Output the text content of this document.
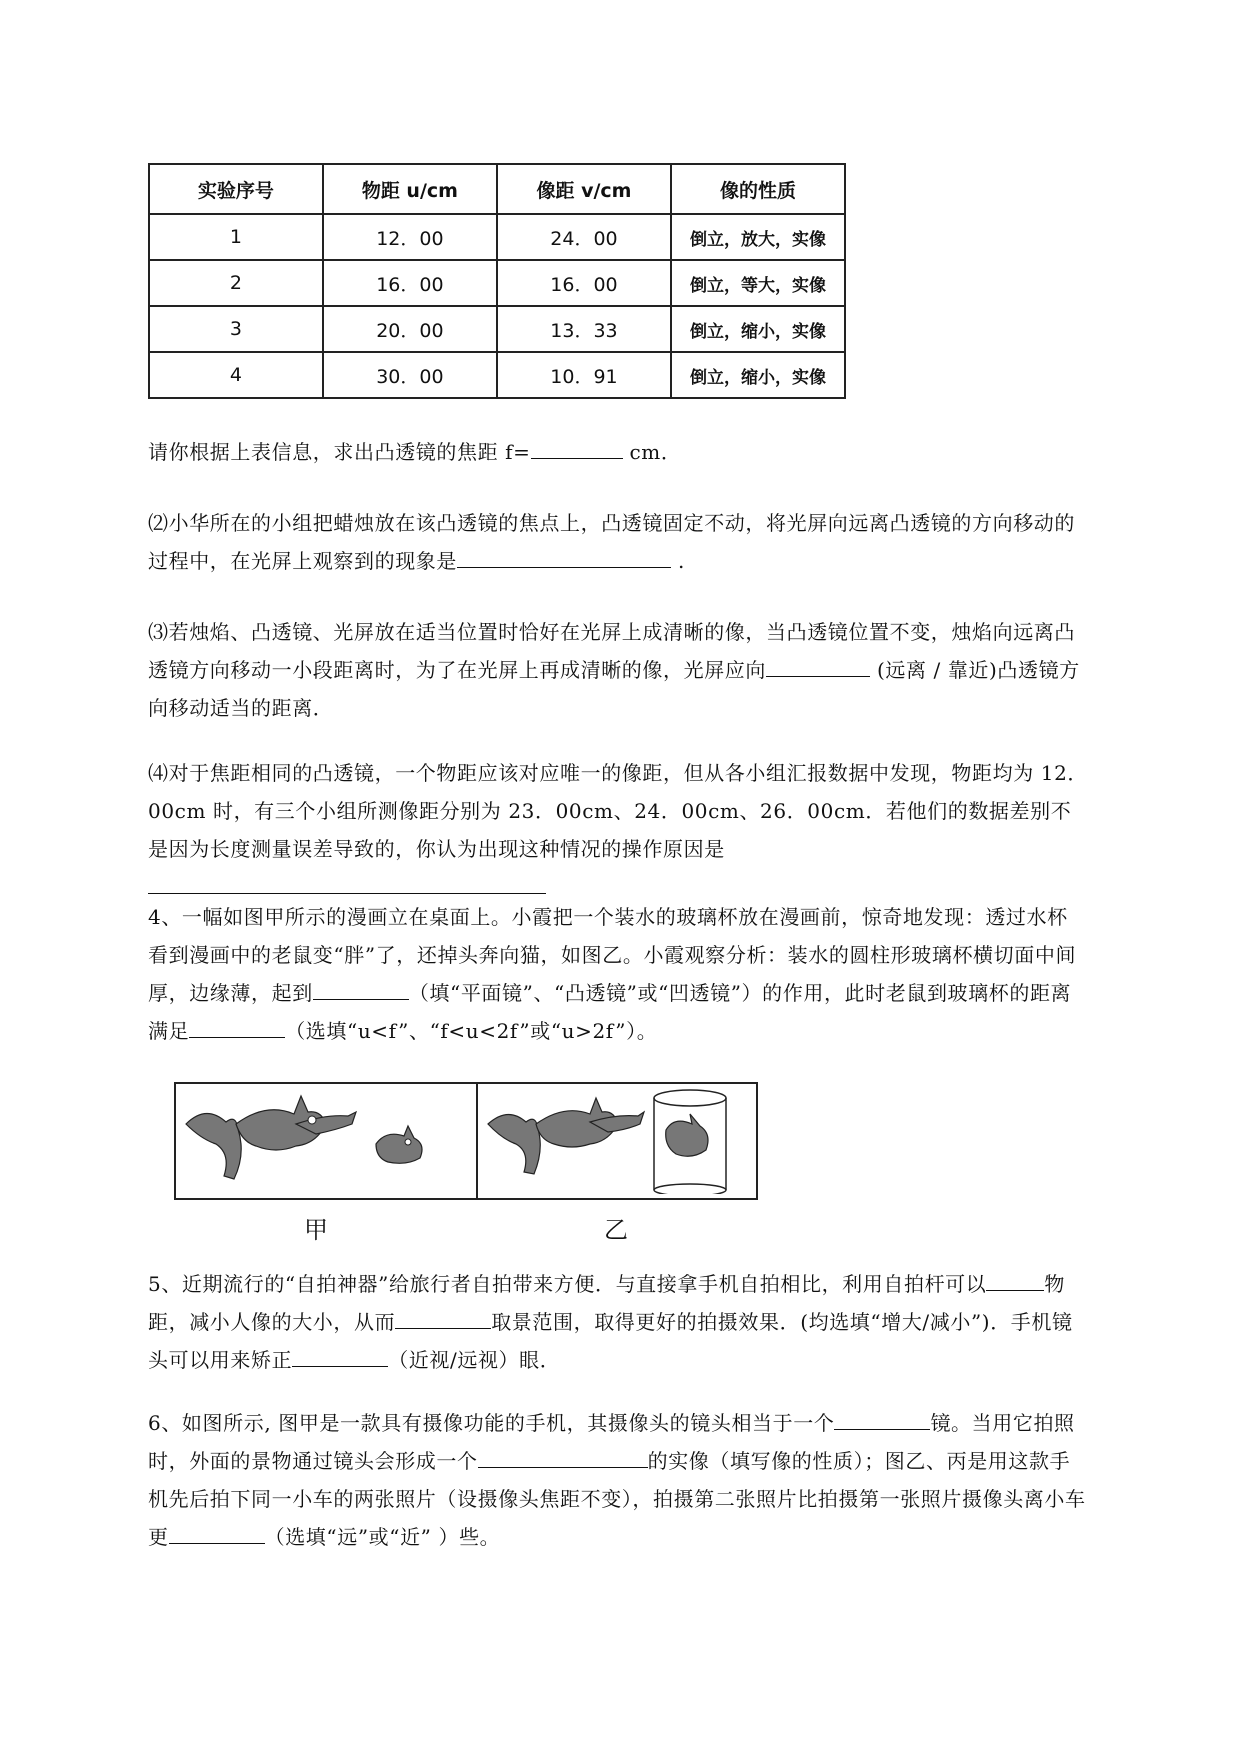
实验序号	物距 u/cm	像距 v/cm	像的性质
1	12．00	24．00	倒立，放大，实像
2	16．00	16．00	倒立，等大，实像
3	20．00	13．33	倒立，缩小，实像
4	30．00	10．91	倒立，缩小，实像
请你根据上表信息，求出凸透镜的焦距 f=	cm．
⑵小华所在的小组把蜡烛放在该凸透镜的焦点上，凸透镜固定不动，将光屏向远离凸透镜的方向移动的过程中，在光屏上观察到的现象是	.
⑶若烛焰、凸透镜、光屏放在适当位置时恰好在光屏上成清晰的像，当凸透镜位置不变，烛焰向远离凸透镜方向移动一小段距离时，为了在光屏上再成清晰的像，光屏应向	(远离 / 靠近)凸透镜方向移动适当的距离．
⑷对于焦距相同的凸透镜，一个物距应该对应唯一的像距，但从各小组汇报数据中发现，物距均为 12．00cm 时，有三个小组所测像距分别为 23．00cm、24．00cm、26．00cm．若他们的数据差别不是因为长度测量误差导致的，你认为出现这种情况的操作原因是
4、一幅如图甲所示的漫画立在桌面上。小霞把一个装水的玻璃杯放在漫画前，惊奇地发现：透过水杯看到漫画中的老鼠变“胖”了，还掉头奔向猫，如图乙。小霞观察分析：装水的圆柱形玻璃杯横切面中间厚，边缘薄，起到	（填“平面镜”、“凸透镜”或“凹透镜”）的作用，此时老鼠到玻璃杯的距离满足	（选填“u<f”、“f<u<2f”或“u>2f”）。
甲	乙
5、近期流行的“自拍神器”给旅行者自拍带来方便．与直接拿手机自拍相比，利用自拍杆可以	物距，减小人像的大小，从而	取景范围，取得更好的拍摄效果．(均选填“增大/减小”)．手机镜头可以用来矫正	（近视/远视）眼．
6、如图所示, 图甲是一款具有摄像功能的手机，其摄像头的镜头相当于一个	镜。当用它拍照时，外面的景物通过镜头会形成一个	的实像（填写像的性质）；图乙、丙是用这款手机先后拍下同一小车的两张照片（设摄像头焦距不变），拍摄第二张照片比拍摄第一张照片摄像头离小车更	（选填“远”或“近” ）些。
